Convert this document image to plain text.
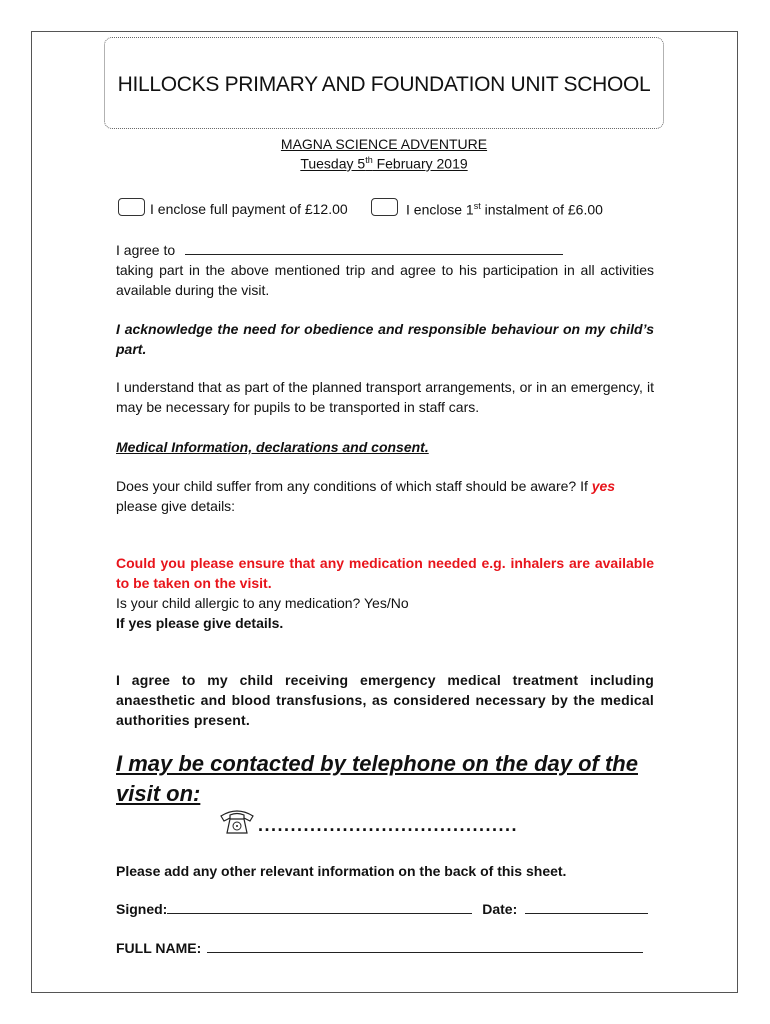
HILLOCKS PRIMARY AND FOUNDATION UNIT SCHOOL
MAGNA SCIENCE ADVENTURE
Tuesday 5th February 2019
I enclose full payment of £12.00	I enclose 1st instalment of £6.00
I agree to
taking part in the above mentioned trip and agree to his participation in all activities available during the visit.
I acknowledge the need for obedience and responsible behaviour on my child’s part.
I understand that as part of the planned transport arrangements, or in an emergency, it may be necessary for pupils to be transported in staff cars.
Medical Information, declarations and consent.
Does your child suffer from any conditions of which staff should be aware? If yes
please give details:
Could you please ensure that any medication needed e.g. inhalers are available to be taken on the visit.
Is your child allergic to any medication? Yes/No
If yes please give details.
I agree to my child receiving emergency medical treatment including anaesthetic and blood transfusions, as considered necessary by the medical authorities present.
I may be contacted by telephone on the day of the visit on:
........................................
Please add any other relevant information on the back of this sheet.
Signed:	Date:
FULL NAME:
